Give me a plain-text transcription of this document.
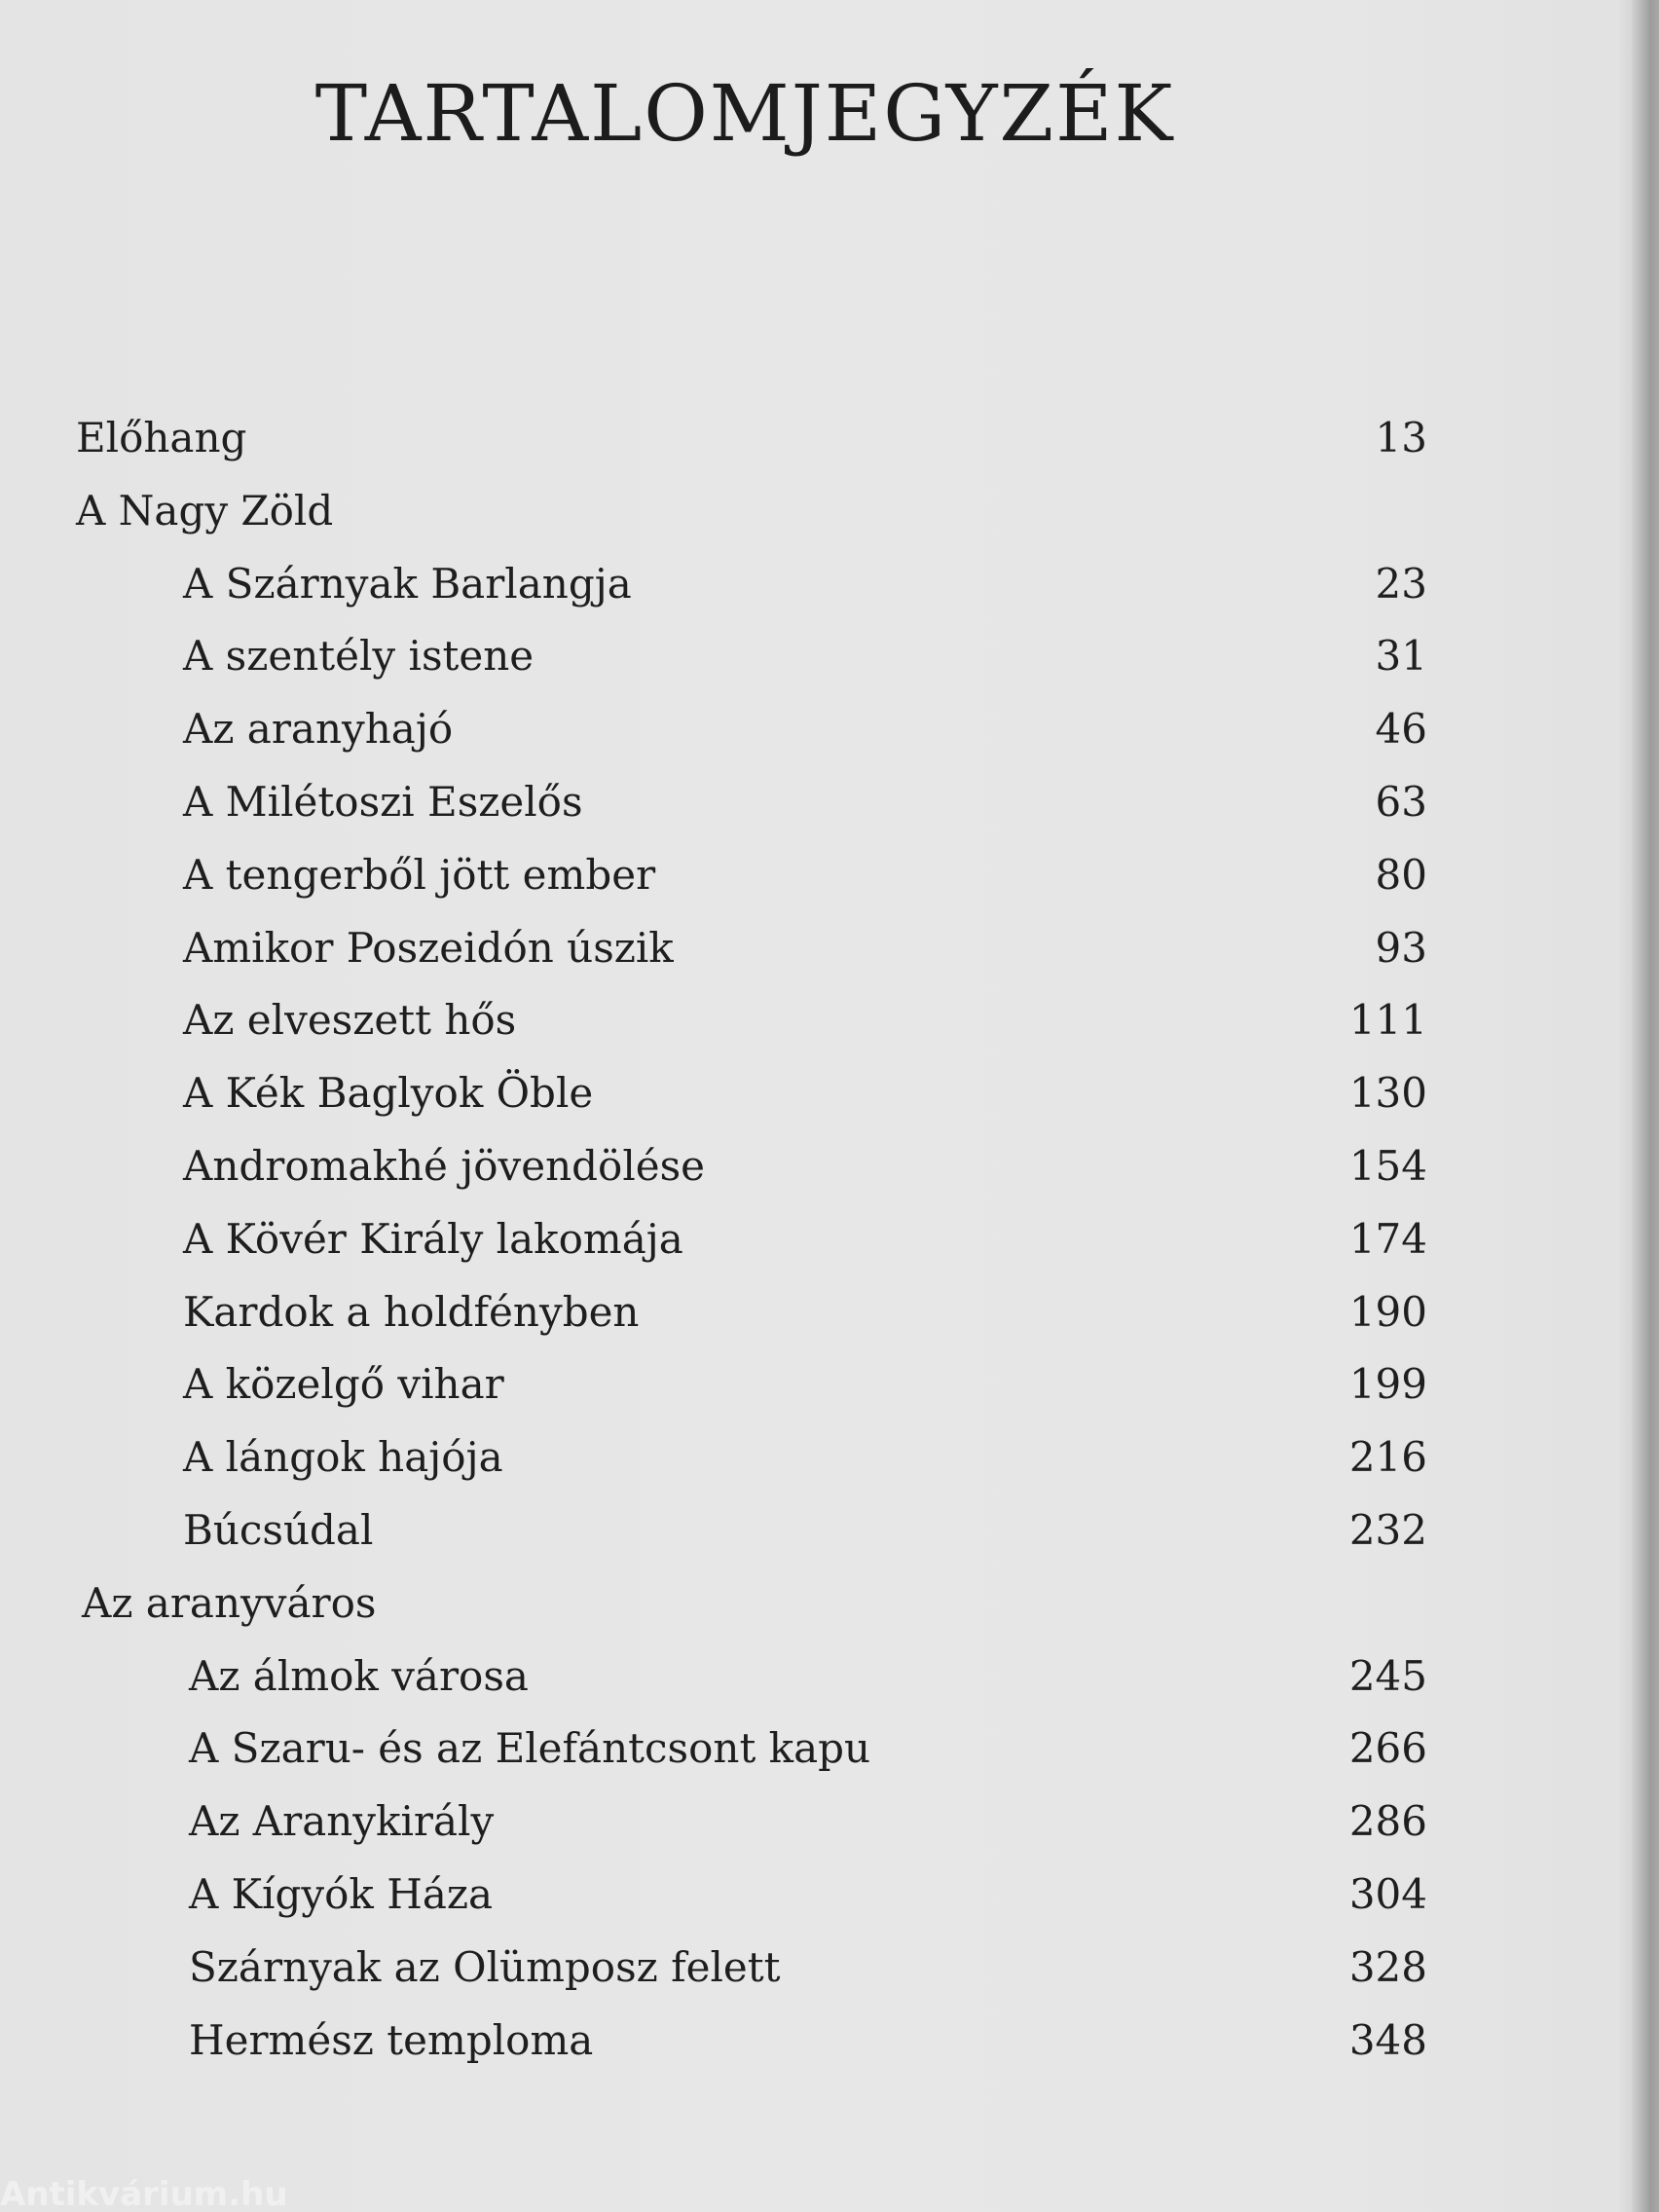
TARTALOMJEGYZÉK
Előhang	13
A Nagy Zöld
A Szárnyak Barlangja	23
A szentély istene	31
Az aranyhajó	46
A Milétoszi Eszelős	63
A tengerből jött ember	80
Amikor Poszeidón úszik	93
Az elveszett hős	111
A Kék Baglyok Öble	130
Andromakhé jövendölése	154
A Kövér Király lakomája	174
Kardok a holdfényben	190
A közelgő vihar	199
A lángok hajója	216
Búcsúdal	232
Az aranyváros
Az álmok városa	245
A Szaru- és az Elefántcsont kapu	266
Az Aranykirály	286
A Kígyók Háza	304
Szárnyak az Olümposz felett	328
Hermész temploma	348
Antikvárium.hu
